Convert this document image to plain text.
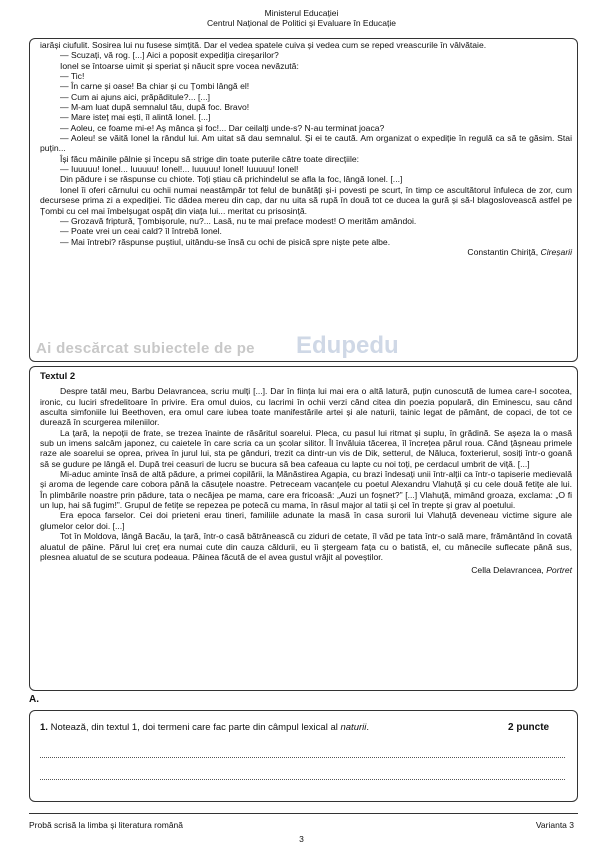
Ministerul Educației
Centrul Național de Politici și Evaluare în Educație

iarăși ciufulit. Sosirea lui nu fusese simțită. Dar el vedea spatele cuiva și vedea cum se reped vreascurile în vâlvătaie.

— Scuzați, vă rog. [...] Aici a poposit expediția cireșarilor?

Ionel se întoarse uimit și speriat și năucit spre vocea nevăzută:

— Tic!

— În carne și oase! Ba chiar și cu Țombi lângă el!

— Cum ai ajuns aici, prăpăditule?... [...]

— M-am luat după semnalul tău, după foc. Bravo!

— Mare isteț mai ești, îl alintă Ionel. [...]

— Aoleu, ce foame mi-e! Aș mânca și foc!... Dar ceilalți unde-s? N-au terminat joaca?

— Aoleu! se văită Ionel la rândul lui. Am uitat să dau semnalul. Și ei te caută. Am organizat o expediție în regulă ca să te găsim. Stai puțin...

Își făcu mâinile pâlnie și începu să strige din toate puterile către toate direcțiile:

— Iuuuuu! Ionel... Iuuuuu! Ionel!... Iuuuuu! Ionel! Iuuuuu! Ionel!

Din pădure i se răspunse cu chiote. Toți știau că prichindelul se afla la foc, lângă Ionel. [...]

Ionel îi oferi cărnului cu ochii numai neastâmpăr tot felul de bunătăți și-i povesti pe scurt, în timp ce ascultătorul înfuleca de zor, cum decursese prima zi a expediției. Tic dădea mereu din cap, dar nu uita să rupă în două tot ce ducea la gură și să-l blagoslovească astfel pe Țombi cu cel mai îmbelșugat ospăț din viața lui... meritat cu prisosință.

— Grozavă friptură, Țombișorule, nu?... Lasă, nu te mai preface modest! O merităm amândoi.

— Poate vrei un ceai cald? îl întrebă Ionel.

— Mai întrebi? răspunse puștiul, uitându-se însă cu ochi de pisică spre niște pete albe.

Constantin Chiriță, Cireșarii

Ai descărcat subiectele de pe Edupedu

Textul 2

Despre tatăl meu, Barbu Delavrancea, scriu mulți [...]. Dar în ființa lui mai era o altă latură, puțin cunoscută de lumea care-l socotea, ironic, cu luciri sfredelitoare în privire. Era omul duios, cu lacrimi în ochii verzi când citea din poezia populară, din Eminescu, sau când asculta simfoniile lui Beethoven, era omul care iubea toate manifestările artei și ale naturii, tainic legat de pământ, de copaci, de tot ce durează în scurgerea mileniilor.

La țară, la nepoții de frate, se trezea înainte de răsăritul soarelui. Pleca, cu pasul lui ritmat și suplu, în grădină. Se așeza la o masă sub un imens salcâm japonez, cu caietele în care scria ca un școlar silitor. Îl învăluia tăcerea, îl încrețea părul roua. Când țâșneau primele raze ale soarelui se oprea, privea în jurul lui, sta pe gânduri, trezit ca dintr-un vis de Dik, setterul, de Năluca, foxterierul, sosiți într-o goană să se gudure pe lângă el. După trei ceasuri de lucru se bucura să bea cafeaua cu lapte cu noi toți, pe cerdacul umbrit de viță. [...]

Mi-aduc aminte însă de altă pădure, a primei copilării, la Mănăstirea Agapia, cu brazi îndesați unii într-alții ca într-o tapiserie medievală și aroma de legende care cobora până la căsuțele noastre. Petreceam vacanțele cu poetul Alexandru Vlahuță și cu cele două fetițe ale lui. În plimbările noastre prin pădure, tata o necăjea pe mama, care era fricoasă: „Auzi un foșnet?” [...] Vlahuță, mimând groaza, exclama: „O fi un lup, hai să fugim!”. Grupul de fetițe se repezea pe potecă cu mama, în râsul major al tatii și cel în trepte și grav al poetului.

Era epoca farselor. Cei doi prieteni erau tineri, familiile adunate la masă în casa surorii lui Vlahuță deveneau victime sigure ale glumelor celor doi. [...]

Tot în Moldova, lângă Bacău, la țară, într-o casă bătrânească cu ziduri de cetate, îl văd pe tata într-o sală mare, frământând în covată aluatul de pâine. Părul lui creț era numai cute din cauza căldurii, eu îi ștergeam fața cu o batistă, el, cu mânecile suflecate până sus, plesnea aluatul de se scutura podeaua. Pâinea făcută de el avea gustul vrăjit al poveștilor.

Cella Delavrancea, Portret

A.
1. Notează, din textul 1, doi termeni care fac parte din câmpul lexical al naturii.	2 puncte
Probă scrisă la limba și literatura română	Varianta 3
3
